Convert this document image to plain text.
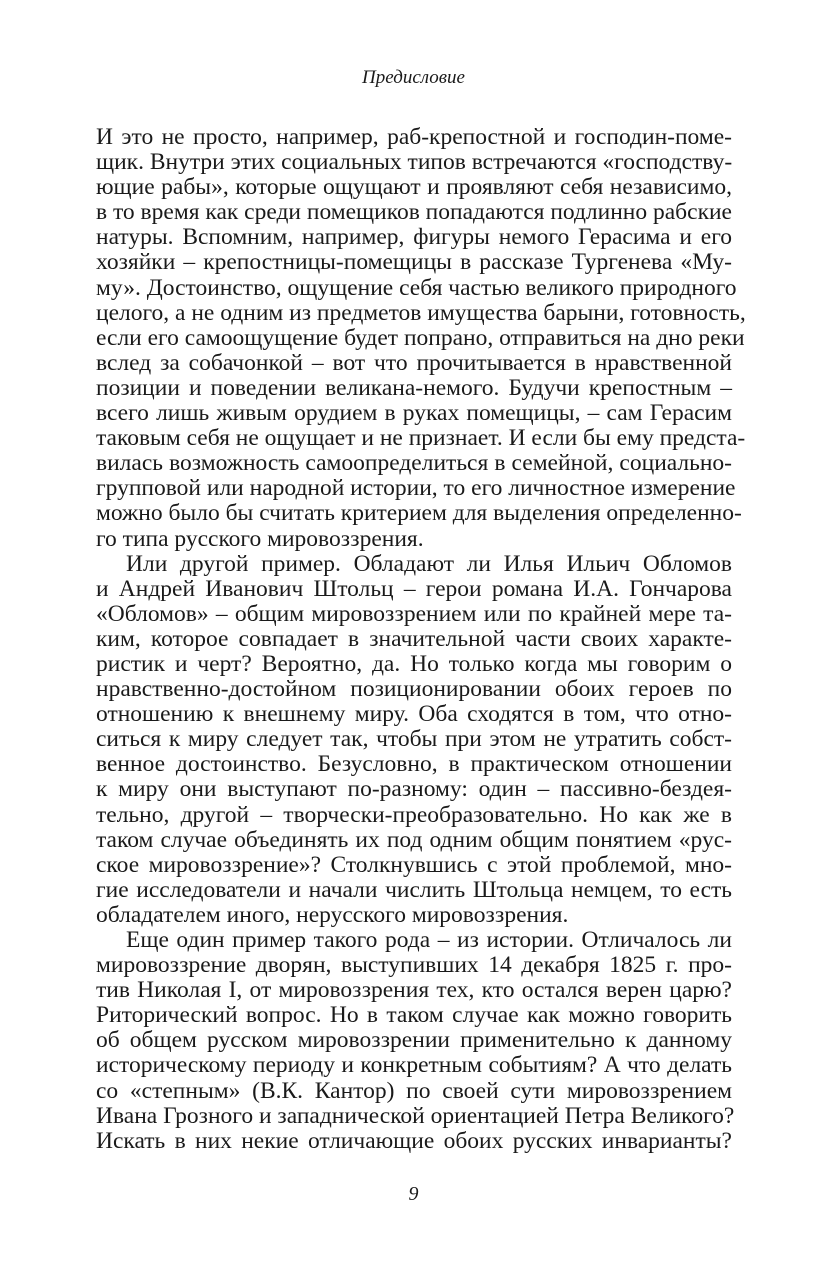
Предисловие
И это не просто, например, раб-крепостной и господин-поме-
щик. Внутри этих социальных типов встречаются «господству-
ющие рабы», которые ощущают и проявляют себя независимо,
в то время как среди помещиков попадаются подлинно рабские
натуры. Вспомним, например, фигуры немого Герасима и его
хозяйки – крепостницы-помещицы в рассказе Тургенева «Му-
му». Достоинство, ощущение себя частью великого природного
целого, а не одним из предметов имущества барыни, готовность,
если его самоощущение будет попрано, отправиться на дно реки
вслед за собачонкой – вот что прочитывается в нравственной
позиции и поведении великана-немого. Будучи крепостным –
всего лишь живым орудием в руках помещицы, – сам Герасим
таковым себя не ощущает и не признает. И если бы ему предста-
вилась возможность самоопределиться в семейной, социально-
групповой или народной истории, то его личностное измерение
можно было бы считать критерием для выделения определенно-
го типа русского мировоззрения.
Или другой пример. Обладают ли Илья Ильич Обломов
и Андрей Иванович Штольц – герои романа И.А. Гончарова
«Обломов» – общим мировоззрением или по крайней мере та-
ким, которое совпадает в значительной части своих характе-
ристик и черт? Вероятно, да. Но только когда мы говорим о
нравственно-достойном позиционировании обоих героев по
отношению к внешнему миру. Оба сходятся в том, что отно-
ситься к миру следует так, чтобы при этом не утратить собст-
венное достоинство. Безусловно, в практическом отношении
к миру они выступают по-разному: один – пассивно-бездея-
тельно, другой – творчески-преобразовательно. Но как же в
таком случае объединять их под одним общим понятием «рус-
ское мировоззрение»? Столкнувшись с этой проблемой, мно-
гие исследователи и начали числить Штольца немцем, то есть
обладателем иного, нерусского мировоззрения.
Еще один пример такого рода – из истории. Отличалось ли
мировоззрение дворян, выступивших 14 декабря 1825 г. про-
тив Николая I, от мировоззрения тех, кто остался верен царю?
Риторический вопрос. Но в таком случае как можно говорить
об общем русском мировоззрении применительно к данному
историческому периоду и конкретным событиям? А что делать
со «степным» (В.К. Кантор) по своей сути мировоззрением
Ивана Грозного и западнической ориентацией Петра Великого?
Искать в них некие отличающие обоих русских инварианты?
9
